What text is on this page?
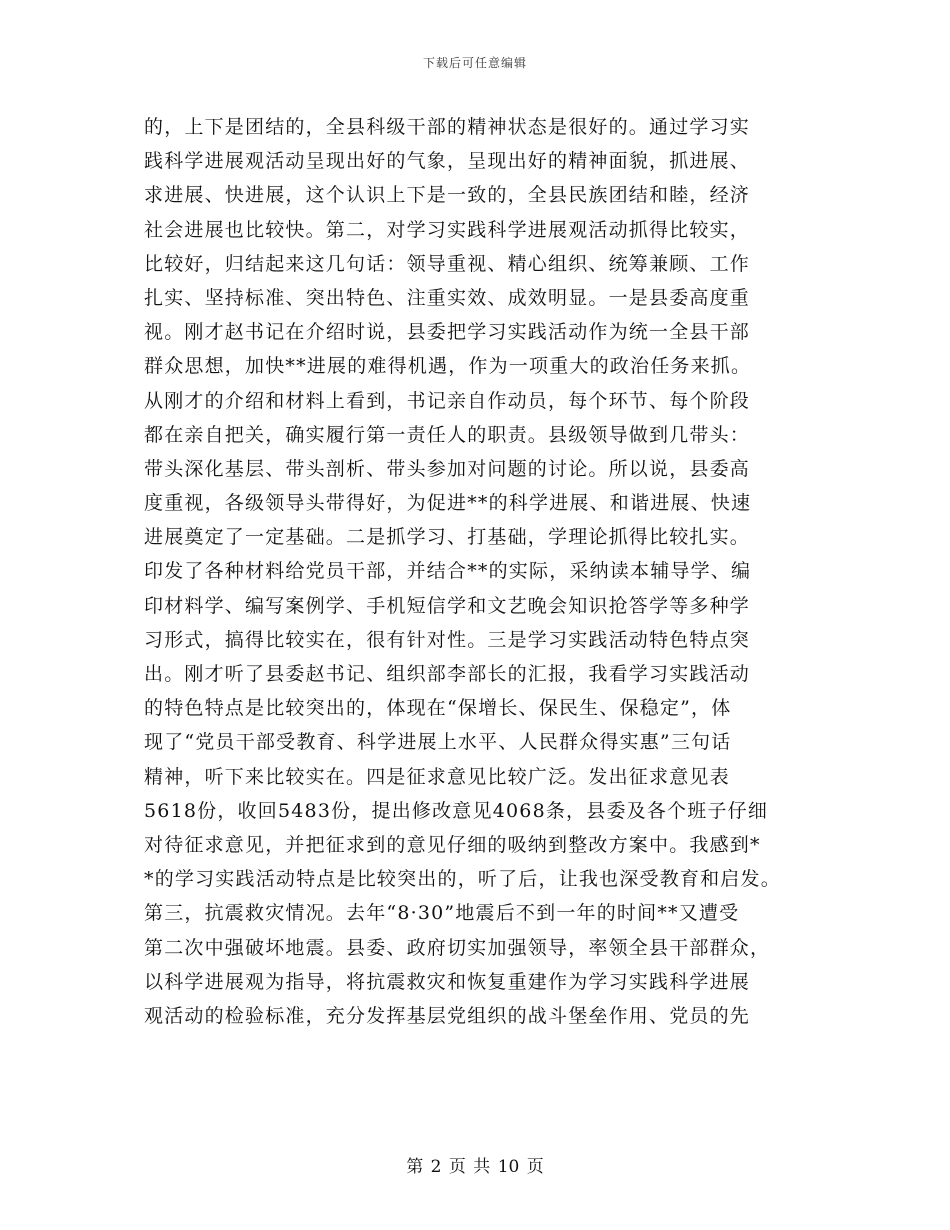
下载后可任意编辑
的，上下是团结的，全县科级干部的精神状态是很好的。通过学习实
践科学进展观活动呈现出好的气象，呈现出好的精神面貌，抓进展、
求进展、快进展，这个认识上下是一致的，全县民族团结和睦，经济
社会进展也比较快。第二，对学习实践科学进展观活动抓得比较实，
比较好，归结起来这几句话：领导重视、精心组织、统筹兼顾、工作
扎实、坚持标准、突出特色、注重实效、成效明显。一是县委高度重
视。刚才赵书记在介绍时说，县委把学习实践活动作为统一全县干部
群众思想，加快**进展的难得机遇，作为一项重大的政治任务来抓。
从刚才的介绍和材料上看到，书记亲自作动员，每个环节、每个阶段
都在亲自把关，确实履行第一责任人的职责。县级领导做到几带头：
带头深化基层、带头剖析、带头参加对问题的讨论。所以说，县委高
度重视，各级领导头带得好，为促进**的科学进展、和谐进展、快速
进展奠定了一定基础。二是抓学习、打基础，学理论抓得比较扎实。
印发了各种材料给党员干部，并结合**的实际，采纳读本辅导学、编
印材料学、编写案例学、手机短信学和文艺晚会知识抢答学等多种学
习形式，搞得比较实在，很有针对性。三是学习实践活动特色特点突
出。刚才听了县委赵书记、组织部李部长的汇报，我看学习实践活动
的特色特点是比较突出的，体现在“保增长、保民生、保稳定”，体
现了“党员干部受教育、科学进展上水平、人民群众得实惠”三句话
精神，听下来比较实在。四是征求意见比较广泛。发出征求意见表
5618份，收回5483份，提出修改意见4068条，县委及各个班子仔细
对待征求意见，并把征求到的意见仔细的吸纳到整改方案中。我感到*
*的学习实践活动特点是比较突出的，听了后，让我也深受教育和启发。
第三，抗震救灾情况。去年“8·30”地震后不到一年的时间**又遭受
第二次中强破坏地震。县委、政府切实加强领导，率领全县干部群众，
以科学进展观为指导，将抗震救灾和恢复重建作为学习实践科学进展
观活动的检验标准，充分发挥基层党组织的战斗堡垒作用、党员的先
第 2 页 共 10 页
